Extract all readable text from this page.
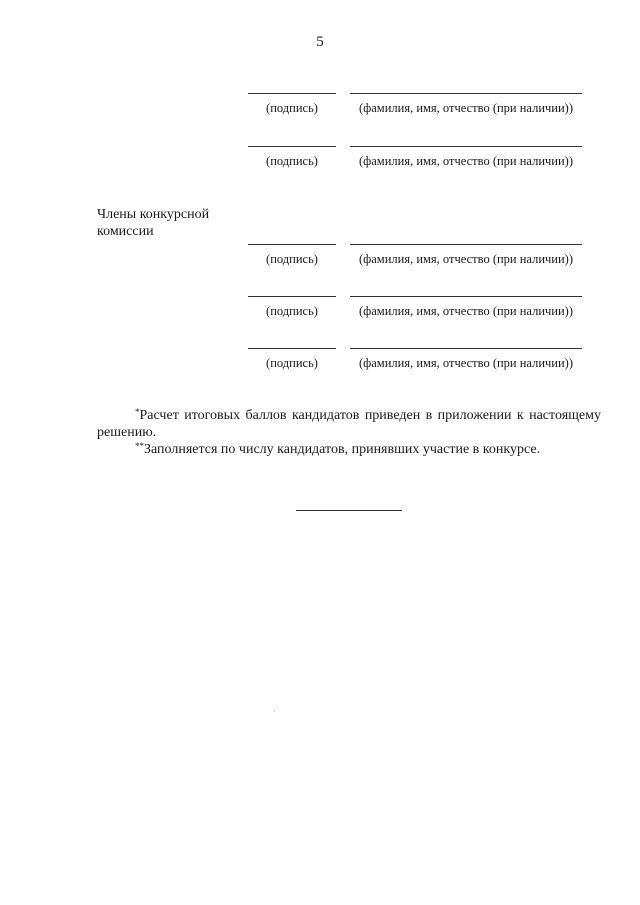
5
(подпись)	(фамилия, имя, отчество (при наличии))
(подпись)	(фамилия, имя, отчество (при наличии))
Члены конкурсной комиссии
(подпись)	(фамилия, имя, отчество (при наличии))
(подпись)	(фамилия, имя, отчество (при наличии))
(подпись)	(фамилия, имя, отчество (при наличии))

*Расчет итоговых баллов кандидатов приведен в приложении к настоящему решению.

**Заполняется по числу кандидатов, принявших участие в конкурсе.
